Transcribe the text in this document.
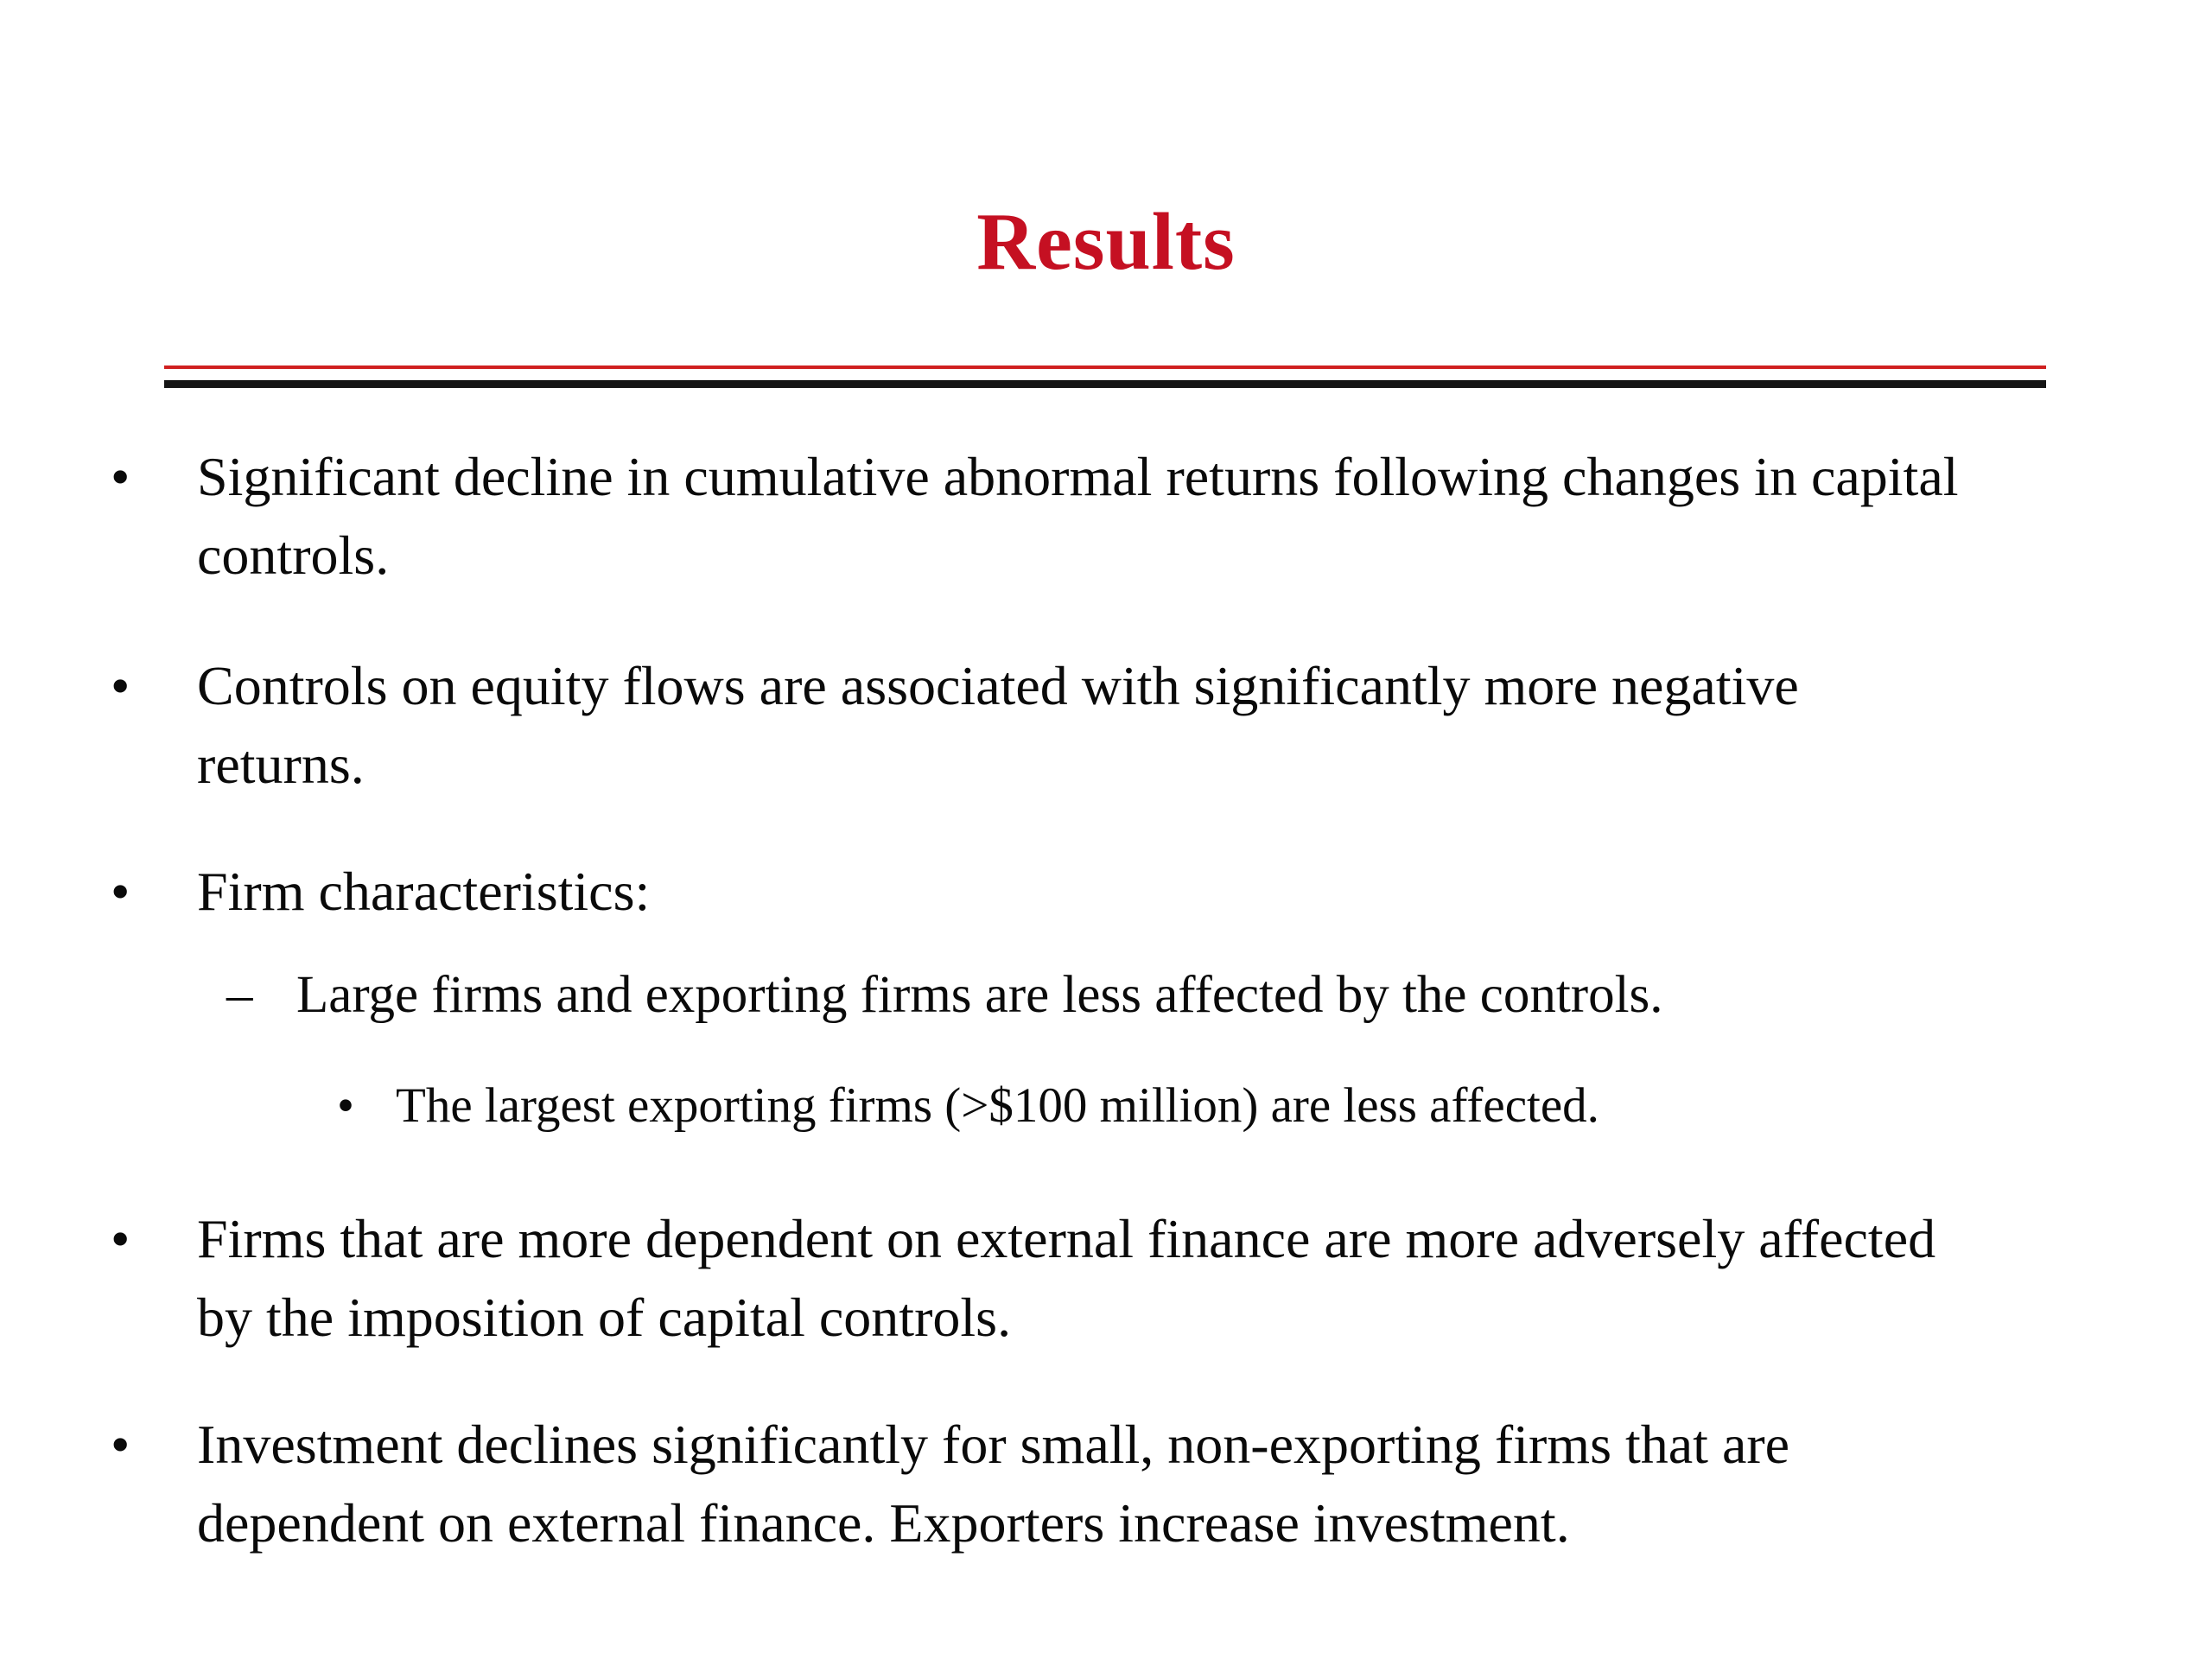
Results
• Significant decline in cumulative abnormal returns following changes in capital
controls.
• Controls on equity flows are associated with significantly more negative
returns.
• Firm characteristics:
– Large firms and exporting firms are less affected by the controls.
• The largest exporting firms (>$100 million) are less affected.
• Firms that are more dependent on external finance are more adversely affected
by the imposition of capital controls.
• Investment declines significantly for small, non-exporting firms that are
dependent on external finance. Exporters increase investment.
